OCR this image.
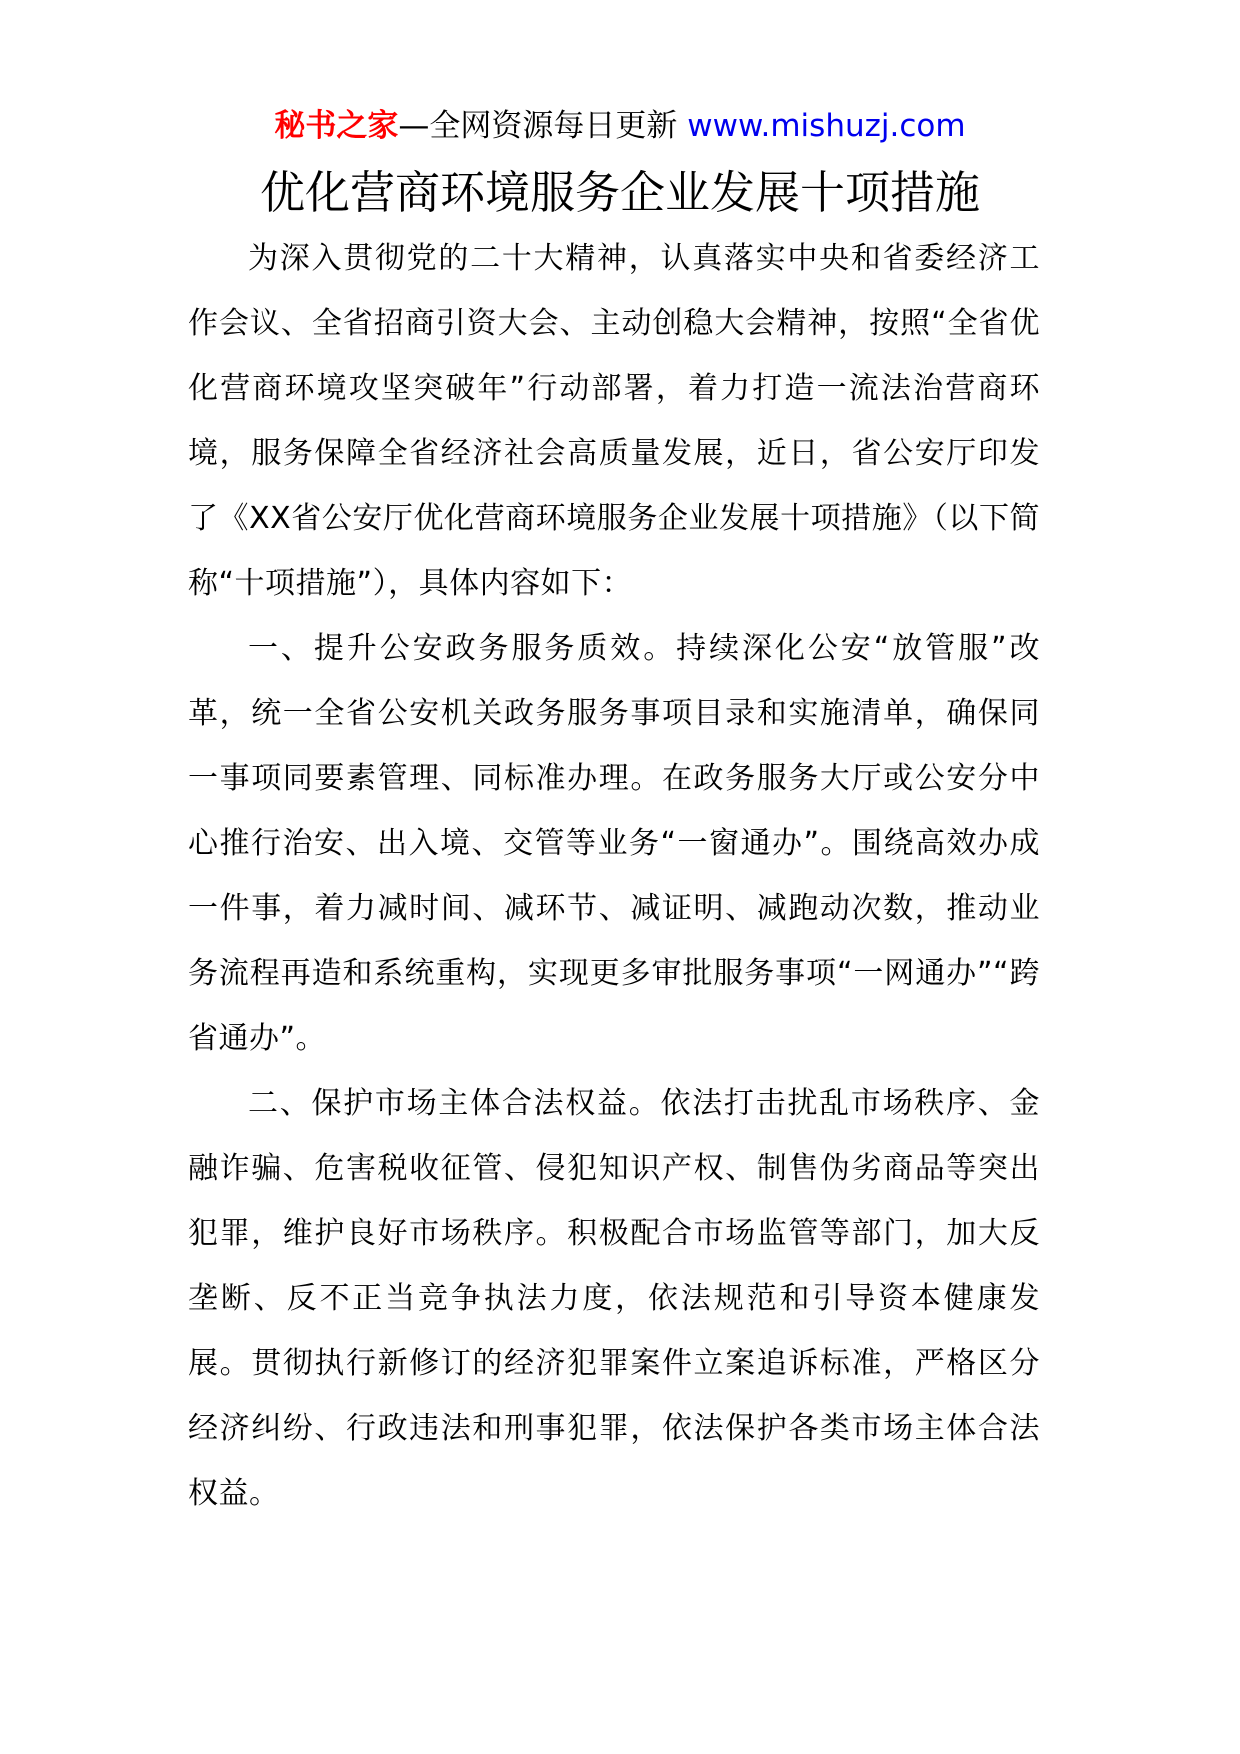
秘书之家—全网资源每日更新 www.mishuzj.com
优化营商环境服务企业发展十项措施

为深入贯彻党的二十大精神，认真落实中央和省委经济工作会议、全省招商引资大会、主动创稳大会精神，按照“全省优化营商环境攻坚突破年”行动部署，着力打造一流法治营商环境，服务保障全省经济社会高质量发展，近日，省公安厅印发了《XX省公安厅优化营商环境服务企业发展十项措施》（以下简称“十项措施”），具体内容如下：

一、提升公安政务服务质效。持续深化公安“放管服”改革，统一全省公安机关政务服务事项目录和实施清单，确保同一事项同要素管理、同标准办理。在政务服务大厅或公安分中心推行治安、出入境、交管等业务“一窗通办”。围绕高效办成一件事，着力减时间、减环节、减证明、减跑动次数，推动业务流程再造和系统重构，实现更多审批服务事项“一网通办”“跨省通办”。

二、保护市场主体合法权益。依法打击扰乱市场秩序、金融诈骗、危害税收征管、侵犯知识产权、制售伪劣商品等突出犯罪，维护良好市场秩序。积极配合市场监管等部门，加大反垄断、反不正当竞争执法力度，依法规范和引导资本健康发展。贯彻执行新修订的经济犯罪案件立案追诉标准，严格区分经济纠纷、行政违法和刑事犯罪，依法保护各类市场主体合法权益。
